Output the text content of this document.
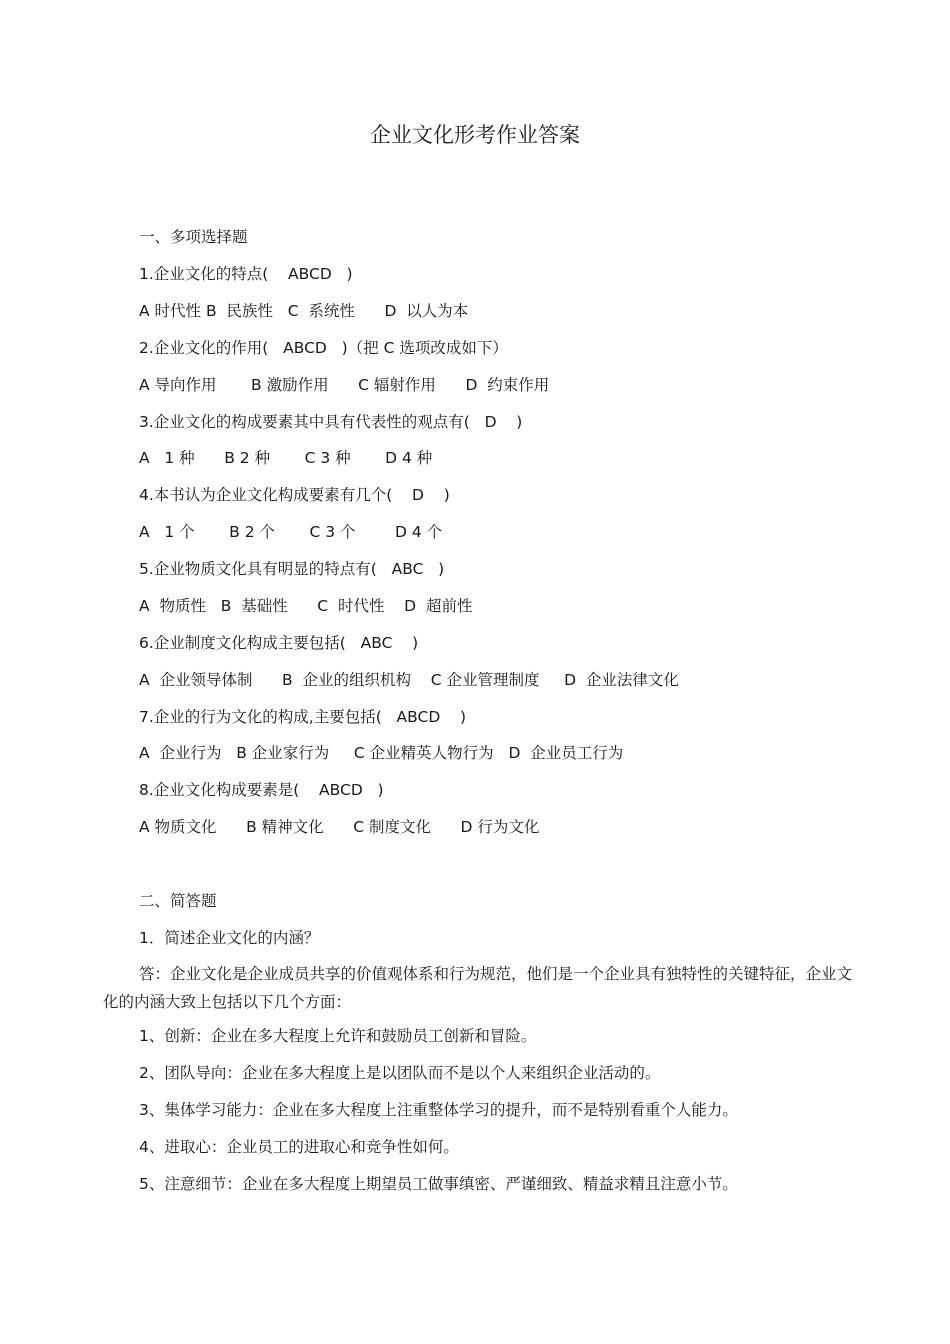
企业文化形考作业答案
一、多项选择题
1.企业文化的特点(    ABCD   )
A 时代性 B  民族性   C  系统性      D  以人为本
2.企业文化的作用(   ABCD   )（把 C 选项改成如下）
A 导向作用       B 激励作用      C 辐射作用      D  约束作用
3.企业文化的构成要素其中具有代表性的观点有(   D    )
A   1 种      B 2 种       C 3 种       D 4 种
4.本书认为企业文化构成要素有几个(    D    )
A   1 个       B 2 个       C 3 个        D 4 个
5.企业物质文化具有明显的特点有(   ABC   )
A  物质性   B  基础性      C  时代性    D  超前性
6.企业制度文化构成主要包括(   ABC    )
A  企业领导体制      B  企业的组织机构    C 企业管理制度     D  企业法律文化
7.企业的行为文化的构成,主要包括(   ABCD    )
A  企业行为   B 企业家行为     C 企业精英人物行为   D  企业员工行为
8.企业文化构成要素是(    ABCD   )
A 物质文化      B 精神文化      C 制度文化      D 行为文化
二、简答题
1．简述企业文化的内涵？
答：企业文化是企业成员共享的价值观体系和行为规范，他们是一个企业具有独特性的关键特征，企业文化的内涵大致上包括以下几个方面：
1、创新：企业在多大程度上允许和鼓励员工创新和冒险。
2、团队导向：企业在多大程度上是以团队而不是以个人来组织企业活动的。
3、集体学习能力：企业在多大程度上注重整体学习的提升，而不是特别看重个人能力。
4、进取心：企业员工的进取心和竞争性如何。
5、注意细节：企业在多大程度上期望员工做事缜密、严谨细致、精益求精且注意小节。
